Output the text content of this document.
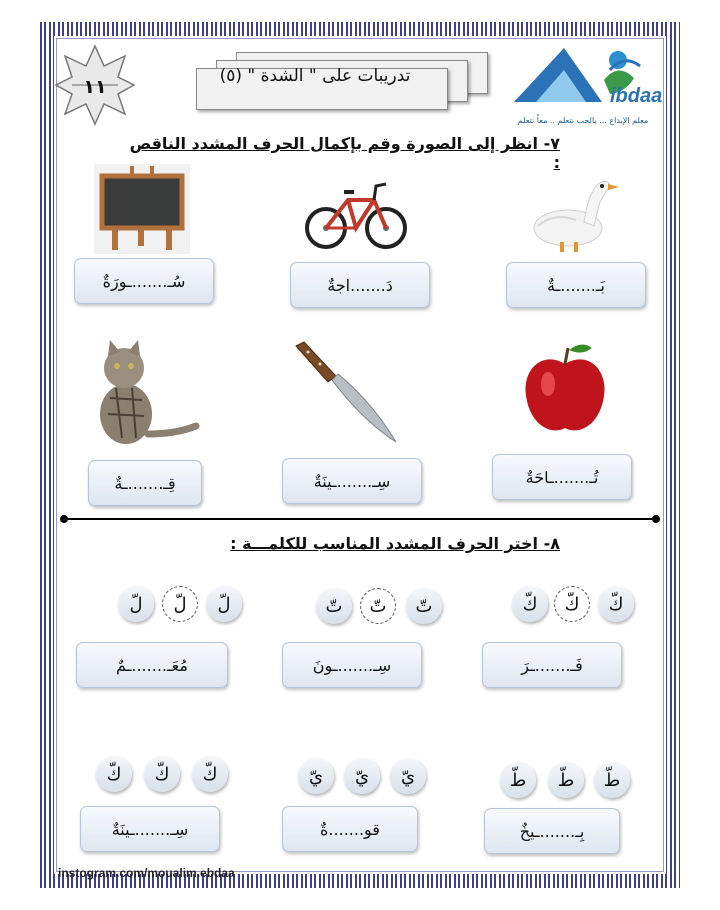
١١	تدريبات على " الشدة " (٥)
ibdaa
معلم الإبداع ... بالحب نتعلم .. معاً نتعلم
٧- انظر إلى الصورة وقم بإكمال الحرف المشدد الناقص :
بَـ.......ـةٌ
دَ.......اجةٌ
سُـ.......ـورَةٌ
تُـ.......ـاحَةٌ
سِـ.......ـينَةٌ
قِـ.......ـةٌ
٨- اختر الحرف المشدد المناسب للكلمـــة :
كّ
كّ
كّ
تّ
تّ
تّ
لّ
لّ
لّ
فَـ.......ـرَ
سِـ.......ـونَ
مُعَـ.......ـمٌ
طّ
طّ
طّ
يّ
يّ
يّ
كّ
كّ
كّ
بِـ.......ـيخٌ
قو.......ةٌ
سِـ.......ـينَةٌ
instogram.com/moualim.ebdaa
